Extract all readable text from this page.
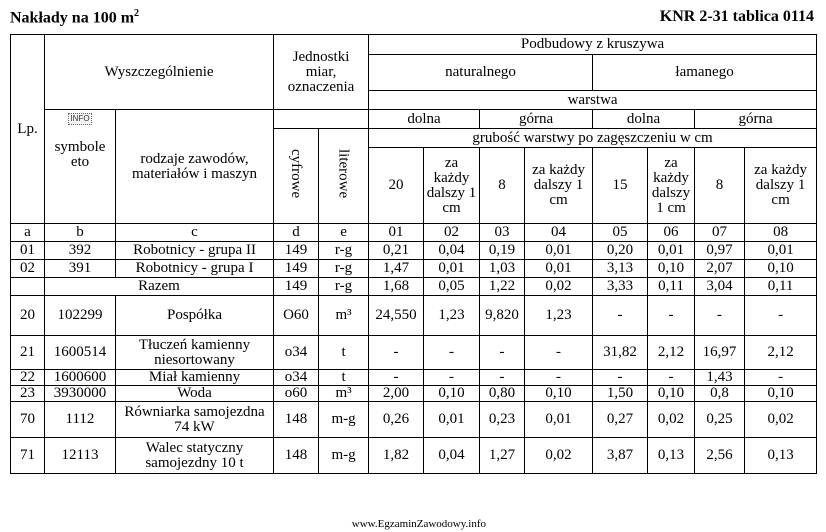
Nakłady na 100 $m^2$	KNR 2-31 tablica 0114
Lp.	Wyszczególnienie		Jednostki miar, oznaczenia		Podbudowy z kruszywa							
					naturalnego				łamanego			
					warstwa							
	INFO

symbole eto	rodzaje zawodów, materiałów i maszyn			dolna		górna		dolna		górna	
			cyfrowe	literowe	grubość warstwy po zagęszczeniu w cm							
					20	za każdy dalszy 1 cm	8	za każdy dalszy 1 cm	15	za każdy dalszy 1 cm	8	za każdy dalszy 1 cm

a	b	c	d	e	01	02	03	04	05	06	07	08
01	392	Robotnicy - grupa II	149	r-g	0,21	0,04	0,19	0,01	0,20	0,01	0,97	0,01
02	391	Robotnicy - grupa I	149	r-g	1,47	0,01	1,03	0,01	3,13	0,10	2,07	0,10
	Razem		149	r-g	1,68	0,05	1,22	0,02	3,33	0,11	3,04	0,11
20	102299	Pospółka	O60	m³	24,550	1,23	9,820	1,23	-	-	-	-
21	1600514	Tłuczeń kamienny niesortowany	o34	t	-	-	-	-	31,82	2,12	16,97	2,12
22	1600600	Miał kamienny	o34	t	-	-	-	-	-	-	1,43	-
23	3930000	Woda	o60	m³	2,00	0,10	0,80	0,10	1,50	0,10	0,8	0,10
70	1112	Równiarka samojezdna 74 kW	148	m-g	0,26	0,01	0,23	0,01	0,27	0,02	0,25	0,02
71	12113	Walec statyczny samojezdny 10 t	148	m-g	1,82	0,04	1,27	0,02	3,87	0,13	2,56	0,13
www.EgzaminZawodowy.info
